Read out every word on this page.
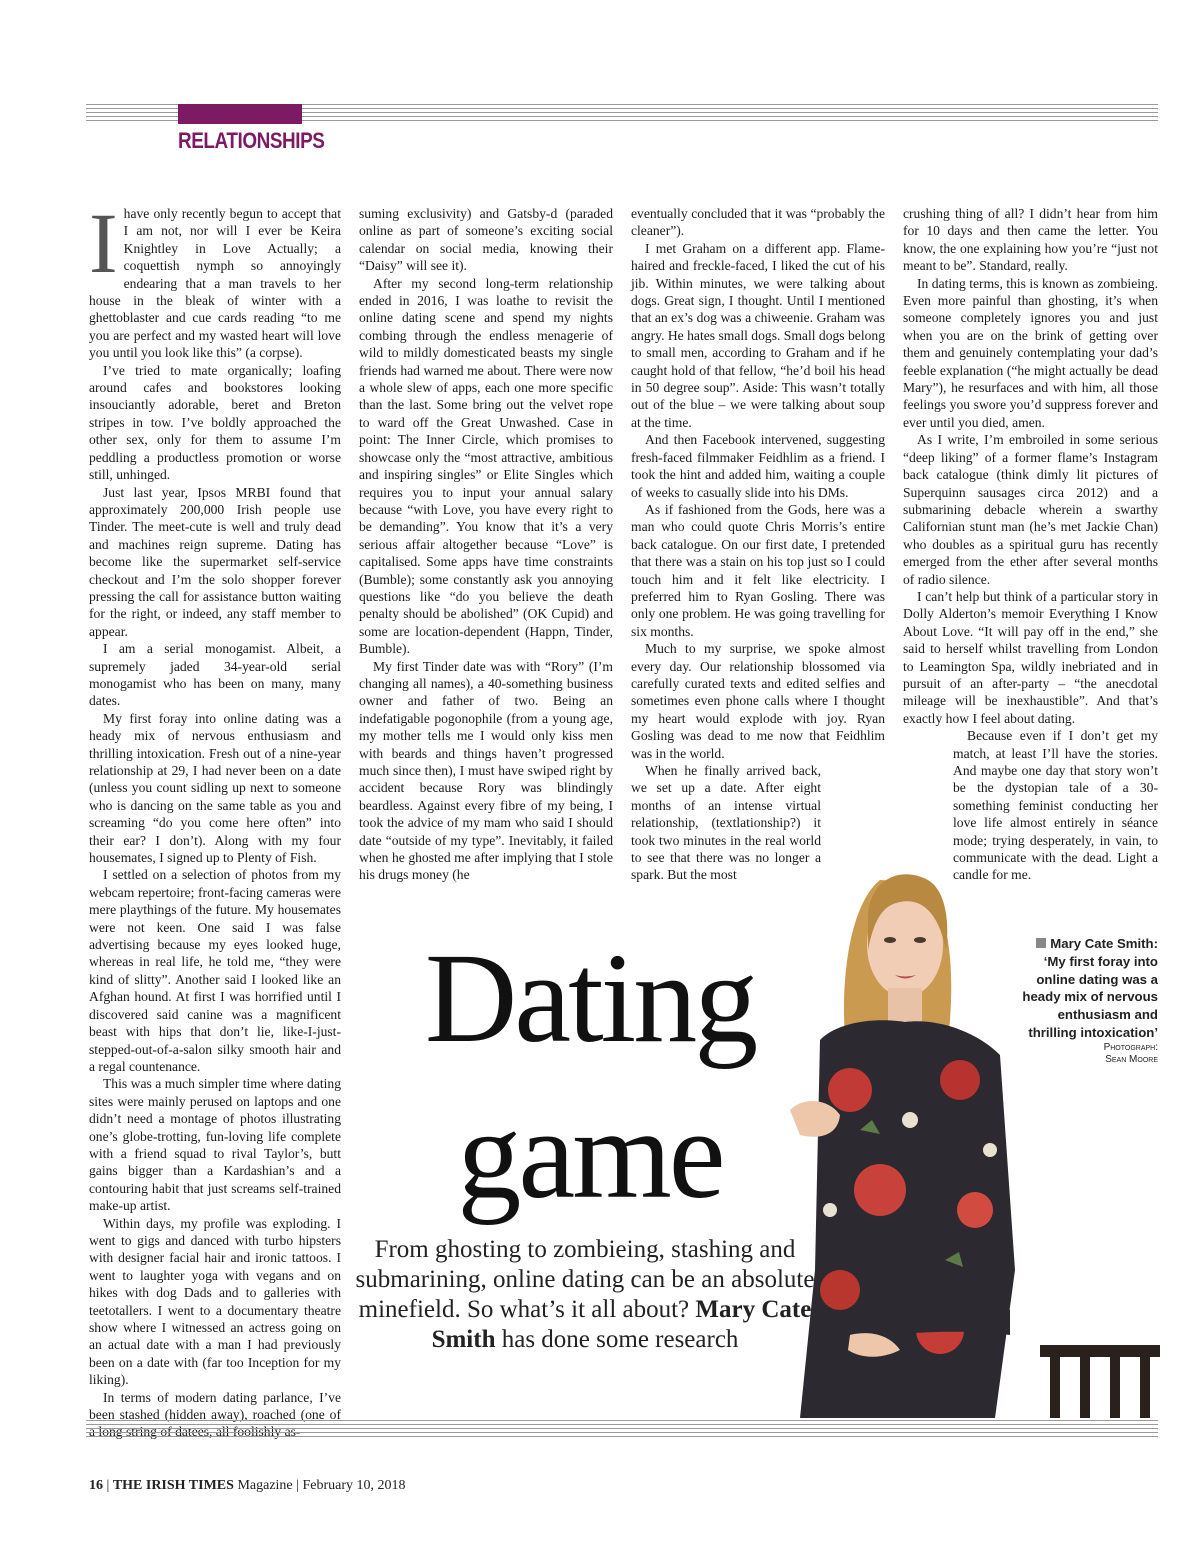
RELATIONSHIPS
I have only recently begun to accept that I am not, nor will I ever be Keira Knightley in Love Actually; a coquettish nymph so annoyingly endearing that a man travels to her house in the bleak of winter with a ghettoblaster and cue cards reading “to me you are perfect and my wasted heart will love you until you look like this” (a corpse).

I’ve tried to mate organically; loafing around cafes and bookstores looking insouciantly adorable, beret and Breton stripes in tow. I’ve boldly approached the other sex, only for them to assume I’m peddling a productless promotion or worse still, unhinged.

Just last year, Ipsos MRBI found that approximately 200,000 Irish people use Tinder. The meet-cute is well and truly dead and machines reign supreme. Dating has become like the supermarket self-service checkout and I’m the solo shopper forever pressing the call for assistance button waiting for the right, or indeed, any staff member to appear.

I am a serial monogamist. Albeit, a supremely jaded 34-year-old serial monogamist who has been on many, many dates.

My first foray into online dating was a heady mix of nervous enthusiasm and thrilling intoxication. Fresh out of a nine-year relationship at 29, I had never been on a date (unless you count sidling up next to someone who is dancing on the same table as you and screaming “do you come here often” into their ear? I don’t). Along with my four housemates, I signed up to Plenty of Fish.

I settled on a selection of photos from my webcam repertoire; front-facing cameras were mere playthings of the future. My housemates were not keen. One said I was false advertising because my eyes looked huge, whereas in real life, he told me, “they were kind of slitty”. Another said I looked like an Afghan hound. At first I was horrified until I discovered said canine was a magnificent beast with hips that don’t lie, like-I-just-stepped-out-of-a-salon silky smooth hair and a regal countenance.

This was a much simpler time where dating sites were mainly perused on laptops and one didn’t need a montage of photos illustrating one’s globe-trotting, fun-loving life complete with a friend squad to rival Taylor’s, butt gains bigger than a Kardashian’s and a contouring habit that just screams self-trained make-up artist.

Within days, my profile was exploding. I went to gigs and danced with turbo hipsters with designer facial hair and ironic tattoos. I went to laughter yoga with vegans and on hikes with dog Dads and to galleries with teetotallers. I went to a documentary theatre show where I witnessed an actress going on an actual date with a man I had previously been on a date with (far too Inception for my liking).

In terms of modern dating parlance, I’ve been stashed (hidden away), roached (one of a long string of datees, all foolishly as-

suming exclusivity) and Gatsby-d (paraded online as part of someone’s exciting social calendar on social media, knowing their “Daisy” will see it).

After my second long-term relationship ended in 2016, I was loathe to revisit the online dating scene and spend my nights combing through the endless menagerie of wild to mildly domesticated beasts my single friends had warned me about. There were now a whole slew of apps, each one more specific than the last. Some bring out the velvet rope to ward off the Great Unwashed. Case in point: The Inner Circle, which promises to showcase only the “most attractive, ambitious and inspiring singles” or Elite Singles which requires you to input your annual salary because “with Love, you have every right to be demanding”. You know that it’s a very serious affair altogether because “Love” is capitalised. Some apps have time constraints (Bumble); some constantly ask you annoying questions like “do you believe the death penalty should be abolished” (OK Cupid) and some are location-dependent (Happn, Tinder, Bumble).

My first Tinder date was with “Rory” (I’m changing all names), a 40-something business owner and father of two. Being an indefatigable pogonophile (from a young age, my mother tells me I would only kiss men with beards and things haven’t progressed much since then), I must have swiped right by accident because Rory was blindingly beardless. Against every fibre of my being, I took the advice of my mam who said I should date “outside of my type”. Inevitably, it failed when he ghosted me after implying that I stole his drugs money (he

eventually concluded that it was “probably the cleaner”).

I met Graham on a different app. Flame-haired and freckle-faced, I liked the cut of his jib. Within minutes, we were talking about dogs. Great sign, I thought. Until I mentioned that an ex’s dog was a chiweenie. Graham was angry. He hates small dogs. Small dogs belong to small men, according to Graham and if he caught hold of that fellow, “he’d boil his head in 50 degree soup”. Aside: This wasn’t totally out of the blue – we were talking about soup at the time.

And then Facebook intervened, suggesting fresh-faced filmmaker Feidhlim as a friend. I took the hint and added him, waiting a couple of weeks to casually slide into his DMs.

As if fashioned from the Gods, here was a man who could quote Chris Morris’s entire back catalogue. On our first date, I pretended that there was a stain on his top just so I could touch him and it felt like electricity. I preferred him to Ryan Gosling. There was only one problem. He was going travelling for six months.

Much to my surprise, we spoke almost every day. Our relationship blossomed via carefully curated texts and edited selfies and sometimes even phone calls where I thought my heart would explode with joy. Ryan Gosling was dead to me now that Feidhlim was in the world.

When he finally arrived back, we set up a date. After eight months of an intense virtual relationship, (textlationship?) it took two minutes in the real world to see that there was no longer a spark. But the most

crushing thing of all? I didn’t hear from him for 10 days and then came the letter. You know, the one explaining how you’re “just not meant to be”. Standard, really.

In dating terms, this is known as zombieing. Even more painful than ghosting, it’s when someone completely ignores you and just when you are on the brink of getting over them and genuinely contemplating your dad’s feeble explanation (“he might actually be dead Mary”), he resurfaces and with him, all those feelings you swore you’d suppress forever and ever until you died, amen.

As I write, I’m embroiled in some serious “deep liking” of a former flame’s Instagram back catalogue (think dimly lit pictures of Superquinn sausages circa 2012) and a submarining debacle wherein a swarthy Californian stunt man (he’s met Jackie Chan) who doubles as a spiritual guru has recently emerged from the ether after several months of radio silence.

I can’t help but think of a particular story in Dolly Alderton’s memoir Everything I Know About Love. “It will pay off in the end,” she said to herself whilst travelling from London to Leamington Spa, wildly inebriated and in pursuit of an after-party – “the anecdotal mileage will be inexhaustible”. And that’s exactly how I feel about dating.

Because even if I don’t get my match, at least I’ll have the stories. And maybe one day that story won’t be the dystopian tale of a 30-something feminist conducting her love life almost entirely in séance mode; trying desperately, in vain, to communicate with the dead. Light a candle for me.

Dating
game
From ghosting to zombieing, stashing and submarining, online dating can be an absolute minefield. So what’s it all about? Mary Cate Smith has done some research
Mary Cate Smith: ‘My first foray into online dating was a heady mix of nervous enthusiasm and thrilling intoxication’
Photograph:
Sean Moore
16 | THE IRISH TIMES Magazine | February 10, 2018
